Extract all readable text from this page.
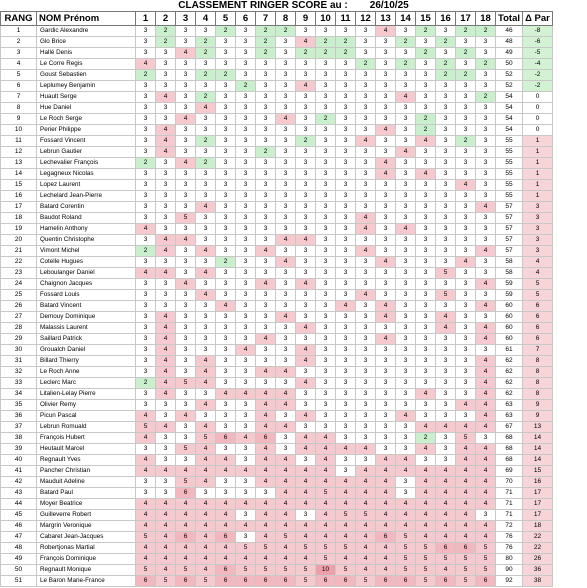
CLASSEMENT RINGER SCORE au : 26/10/25
RANG	NOM Prénom	1	2	3	4	5	6	7	8	9	10	11	12	13	14	15	16	17	18	Total	Δ Par
1	Gardic Alexandre	3	2	3	3	2	3	2	2	3	3	3	3	4	3	2	3	2	2	46	-8
2	Glo Brice	3	2	3	2	3	3	2	3	4	2	2	3	3	2	3	2	3	3	48	-6
3	Hallé Denis	3	3	4	2	3	3	2	3	2	2	2	3	3	3	2	3	2	3	49	-5
4	Le Corre Regis	4	3	3	3	3	3	3	3	3	3	3	2	3	2	3	2	3	2	50	-4
5	Goust Sebastien	2	3	3	2	2	3	3	3	3	3	3	3	3	3	3	2	2	3	52	-2
6	Leplumey Benjamin	3	3	3	3	3	2	3	3	4	3	3	3	3	3	3	3	3	3	52	-2
7	Huault Serge	3	4	3	2	3	3	3	3	3	3	3	3	3	4	3	3	3	2	54	0
8	Hue Daniel	3	3	3	4	3	3	3	3	3	3	3	3	3	3	3	3	3	3	54	0
9	Le Roch Serge	3	3	4	3	3	3	3	4	3	2	3	3	3	3	2	3	3	3	54	0
10	Perier Philippe	3	4	3	3	3	3	3	3	3	3	3	3	4	3	2	3	3	3	54	0
11	Fossard Vincent	3	4	3	2	3	3	3	3	2	3	3	4	3	3	4	3	2	3	55	1
12	Lebrun Gautier	3	4	3	3	3	3	2	3	3	3	3	3	3	4	3	3	3	3	55	1
13	Lechevalier François	2	3	4	2	3	3	3	3	3	3	3	3	4	3	3	3	3	3	55	1
14	Legagneux Nicolas	3	3	3	3	3	3	3	3	3	3	3	3	4	3	4	3	3	3	55	1
15	Lopez Laurent	3	3	3	3	3	3	3	3	3	3	3	3	3	3	3	3	4	3	55	1
16	Lechelard Jean-Pierre	3	3	3	3	3	3	3	3	3	3	3	3	3	3	3	3	3	3	55	1
17	Batard Corentin	3	3	3	4	3	3	3	3	3	3	3	3	3	3	3	3	3	4	57	3
18	Baudot Roland	3	3	5	3	3	3	3	3	3	3	3	4	3	3	3	3	3	3	57	3
19	Hamelin Anthony	4	3	3	3	3	3	3	3	3	3	3	4	3	4	3	3	3	3	57	3
20	Quentin Christophe	3	4	4	3	3	3	3	4	4	3	3	3	3	3	3	3	3	3	57	3
21	Vimont Michel	2	4	3	4	3	3	4	3	3	3	3	4	3	3	3	3	3	4	57	3
22	Cotelle Hugues	3	3	3	3	2	3	3	4	3	3	3	3	4	3	3	3	4	3	58	4
23	Leboulanger Daniel	4	4	3	4	3	3	3	3	3	3	3	3	3	3	3	5	3	3	58	4
24	Chaignon Jacques	3	3	4	3	3	3	4	3	4	3	3	3	3	3	3	3	3	4	59	5
25	Fossard Louis	3	3	3	4	3	3	3	3	3	3	3	4	3	3	3	5	3	3	59	5
26	Batard Vincent	3	3	3	3	4	3	3	3	3	3	4	3	4	3	3	3	3	4	60	6
27	Demouy Dominique	3	4	3	3	3	3	3	4	3	3	3	3	4	3	3	4	3	3	60	6
28	Malassis Laurent	3	4	3	3	3	3	3	3	4	3	3	3	3	3	3	4	3	4	60	6
29	Saillard Patrick	3	4	3	3	3	3	4	3	3	3	3	3	4	3	3	3	3	4	60	6
30	Groualch Daniel	3	4	3	3	3	4	3	3	4	3	3	3	3	3	3	3	3	3	61	7
31	Billard Thierry	3	4	3	4	3	3	3	3	4	3	3	3	3	3	3	3	3	4	62	8
32	Le Roch Anne	3	4	3	4	3	3	4	4	3	3	3	3	3	3	3	3	3	4	62	8
33	Leclerc Marc	2	4	5	4	3	3	3	3	4	3	3	3	3	3	3	3	3	4	62	8
34	Litalien-Lelay Pierre	3	4	3	3	4	4	4	4	3	3	3	3	3	3	4	3	3	4	62	8
35	Olivier Remy	3	3	3	4	3	3	4	4	3	3	3	3	3	3	3	3	4	4	63	9
36	Picun Pascal	4	3	4	3	3	3	4	3	4	3	3	3	3	4	3	3	3	4	63	9
37	Lebrun Romuald	5	4	3	4	3	3	4	4	3	3	3	3	3	3	4	4	4	4	67	13
38	François Hubert	4	3	3	5	6	4	6	3	4	4	3	3	3	3	2	3	5	3	68	14
39	Heutault Marcel	3	3	5	4	3	3	4	3	4	4	4	4	3	3	4	3	4	4	68	14
40	Regnault Yves	4	3	3	4	4	3	4	4	3	4	3	3	4	4	3	3	4	4	68	14
41	Pancher Christian	4	4	4	4	4	4	4	4	4	4	3	4	4	4	4	4	4	4	69	15
42	Mauduit Adeline	3	3	5	4	3	3	4	4	4	4	4	4	4	3	4	4	4	4	70	16
43	Batard Paul	3	3	6	3	3	3	3	4	4	5	4	4	4	3	4	4	4	4	71	17
44	Moyer Beatrice	4	4	4	4	4	4	4	4	4	4	4	4	4	4	4	4	4	4	71	17
45	Guilleverre Robert	4	4	4	4	4	3	4	4	3	4	5	5	4	4	4	4	4	3	71	17
46	Margrin Veronique	4	4	4	4	4	4	4	4	4	4	4	4	4	4	4	4	4	4	72	18
47	Cabaret Jean-Jacques	5	4	6	4	6	3	4	5	4	4	4	4	6	5	4	4	4	4	76	22
48	Robertjonas Martial	4	4	4	4	4	5	5	4	5	5	5	4	4	5	5	6	6	5	76	22
49	François Dominique	4	4	4	4	4	4	4	4	4	5	4	4	4	5	5	5	5	5	80	26
50	Regnault Monique	5	4	5	4	6	5	5	5	5	10	5	4	4	5	5	4	5	5	90	36
51	Le Baron Marie-France	6	5	6	5	6	6	6	6	5	6	6	5	6	6	5	6	5	6	92	38
